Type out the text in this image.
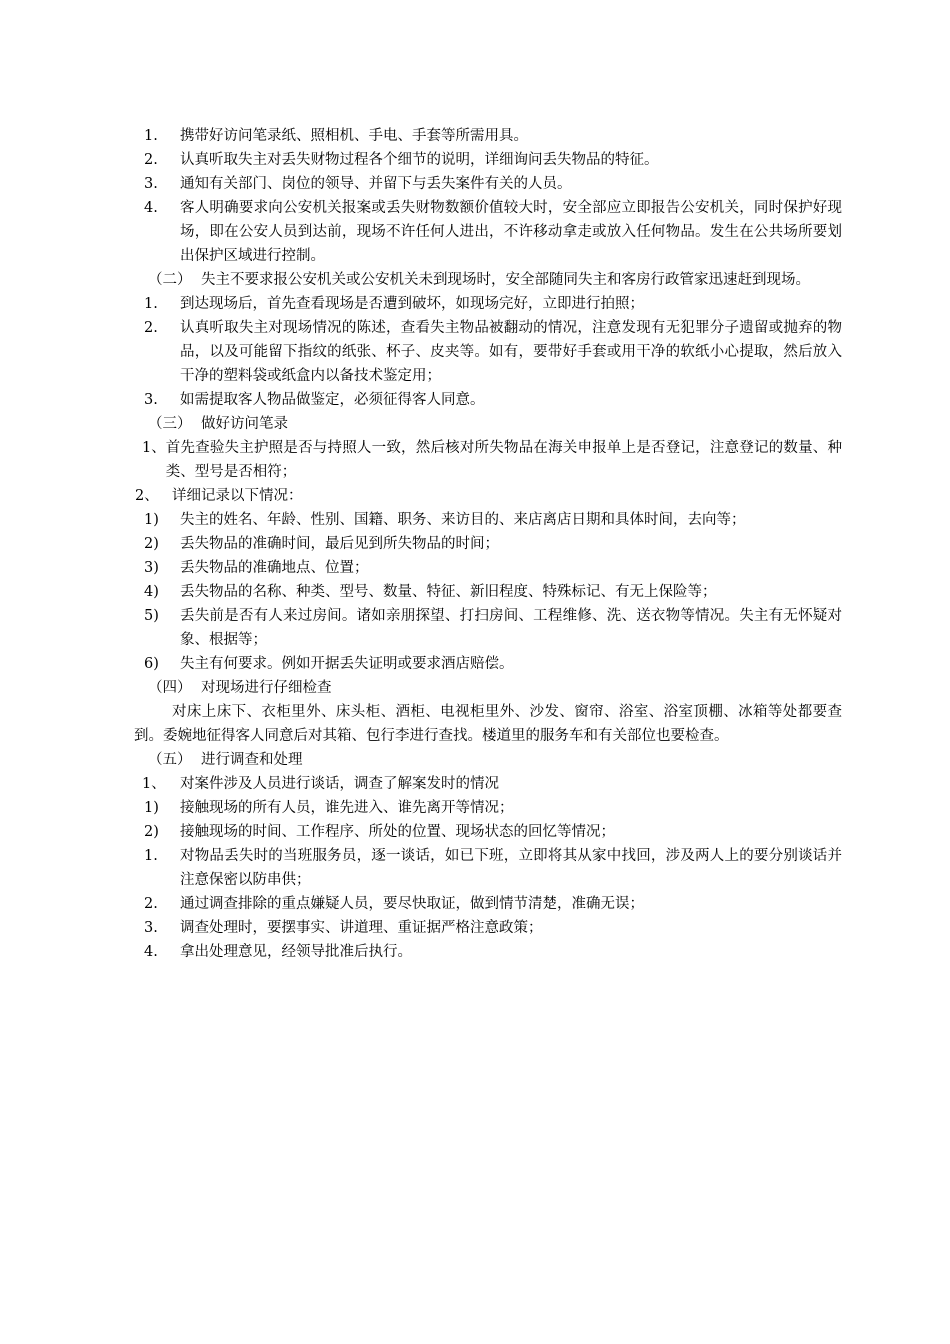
1.	携带好访问笔录纸、照相机、手电、手套等所需用具。
2.	认真听取失主对丢失财物过程各个细节的说明，详细询问丢失物品的特征。
3.	通知有关部门、岗位的领导、并留下与丢失案件有关的人员。
4.	客人明确要求向公安机关报案或丢失财物数额价值较大时，安全部应立即报告公安机关，同时保护好现场，即在公安人员到达前，现场不许任何人进出，不许移动拿走或放入任何物品。发生在公共场所要划出保护区域进行控制。
（二） 失主不要求报公安机关或公安机关未到现场时，安全部随同失主和客房行政管家迅速赶到现场。
1.	到达现场后，首先查看现场是否遭到破坏，如现场完好，立即进行拍照；
2.	认真听取失主对现场情况的陈述，查看失主物品被翻动的情况，注意发现有无犯罪分子遗留或抛弃的物品，以及可能留下指纹的纸张、杯子、皮夹等。如有，要带好手套或用干净的软纸小心提取，然后放入干净的塑料袋或纸盒内以备技术鉴定用；
3.	如需提取客人物品做鉴定，必须征得客人同意。
（三） 做好访问笔录
1、 首先查验失主护照是否与持照人一致，然后核对所失物品在海关申报单上是否登记，注意登记的数量、种类、型号是否相符；
2、 详细记录以下情况：
1)	失主的姓名、年龄、性别、国籍、职务、来访目的、来店离店日期和具体时间，去向等；
2)	丢失物品的准确时间，最后见到所失物品的时间；
3)	丢失物品的准确地点、位置；
4)	丢失物品的名称、种类、型号、数量、特征、新旧程度、特殊标记、有无上保险等；
5)	丢失前是否有人来过房间。诸如亲朋探望、打扫房间、工程维修、洗、送衣物等情况。失主有无怀疑对象、根据等；
6)	失主有何要求。例如开据丢失证明或要求酒店赔偿。
（四） 对现场进行仔细检查
对床上床下、衣柜里外、床头柜、酒柜、电视柜里外、沙发、窗帘、浴室、浴室顶棚、冰箱等处都要查到。委婉地征得客人同意后对其箱、包行李进行查找。楼道里的服务车和有关部位也要检查。
（五） 进行调查和处理
1、 对案件涉及人员进行谈话，调查了解案发时的情况
1)	接触现场的所有人员，谁先进入、谁先离开等情况；
2)	接触现场的时间、工作程序、所处的位置、现场状态的回忆等情况；
1.	对物品丢失时的当班服务员，逐一谈话，如已下班，立即将其从家中找回，涉及两人上的要分别谈话并注意保密以防串供；
2.	通过调查排除的重点嫌疑人员，要尽快取证，做到情节清楚，准确无误；
3.	调查处理时，要摆事实、讲道理、重证据严格注意政策；
4.	拿出处理意见，经领导批准后执行。
